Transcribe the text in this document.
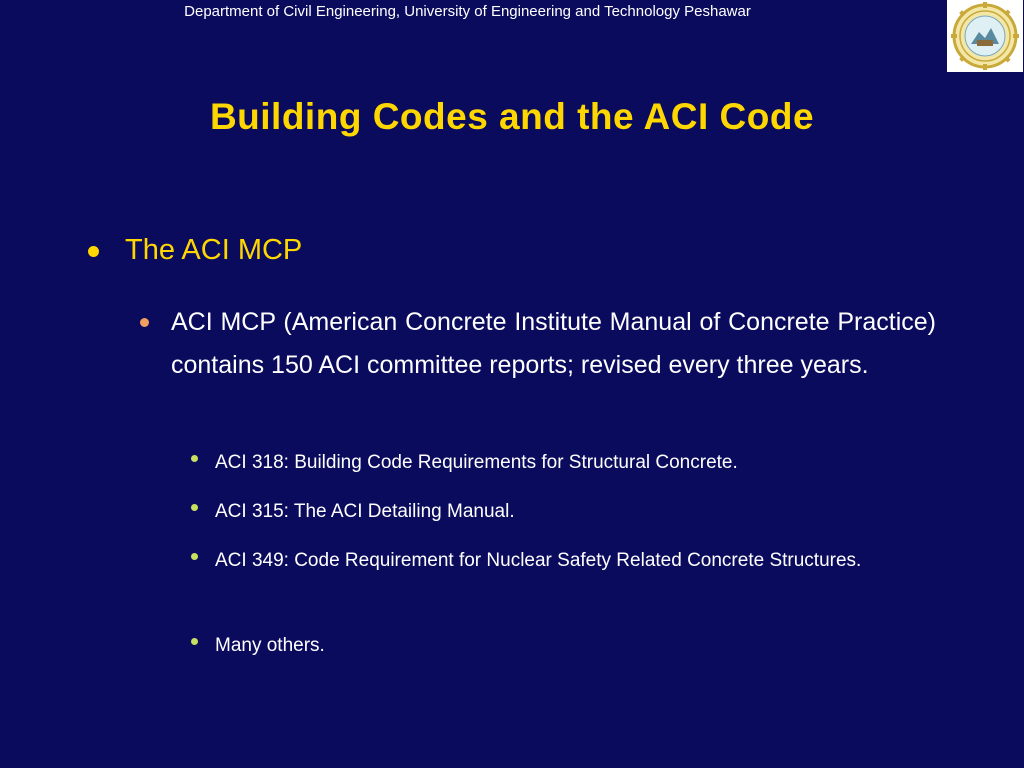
Department of Civil Engineering, University of Engineering and Technology Peshawar
Building Codes and the ACI Code
The ACI MCP
ACI MCP (American Concrete Institute Manual of Concrete Practice) contains 150 ACI committee reports; revised every three years.
ACI 318: Building Code Requirements for Structural Concrete.
ACI 315: The ACI Detailing Manual.
ACI 349: Code Requirement for Nuclear Safety Related Concrete Structures.
Many others.
